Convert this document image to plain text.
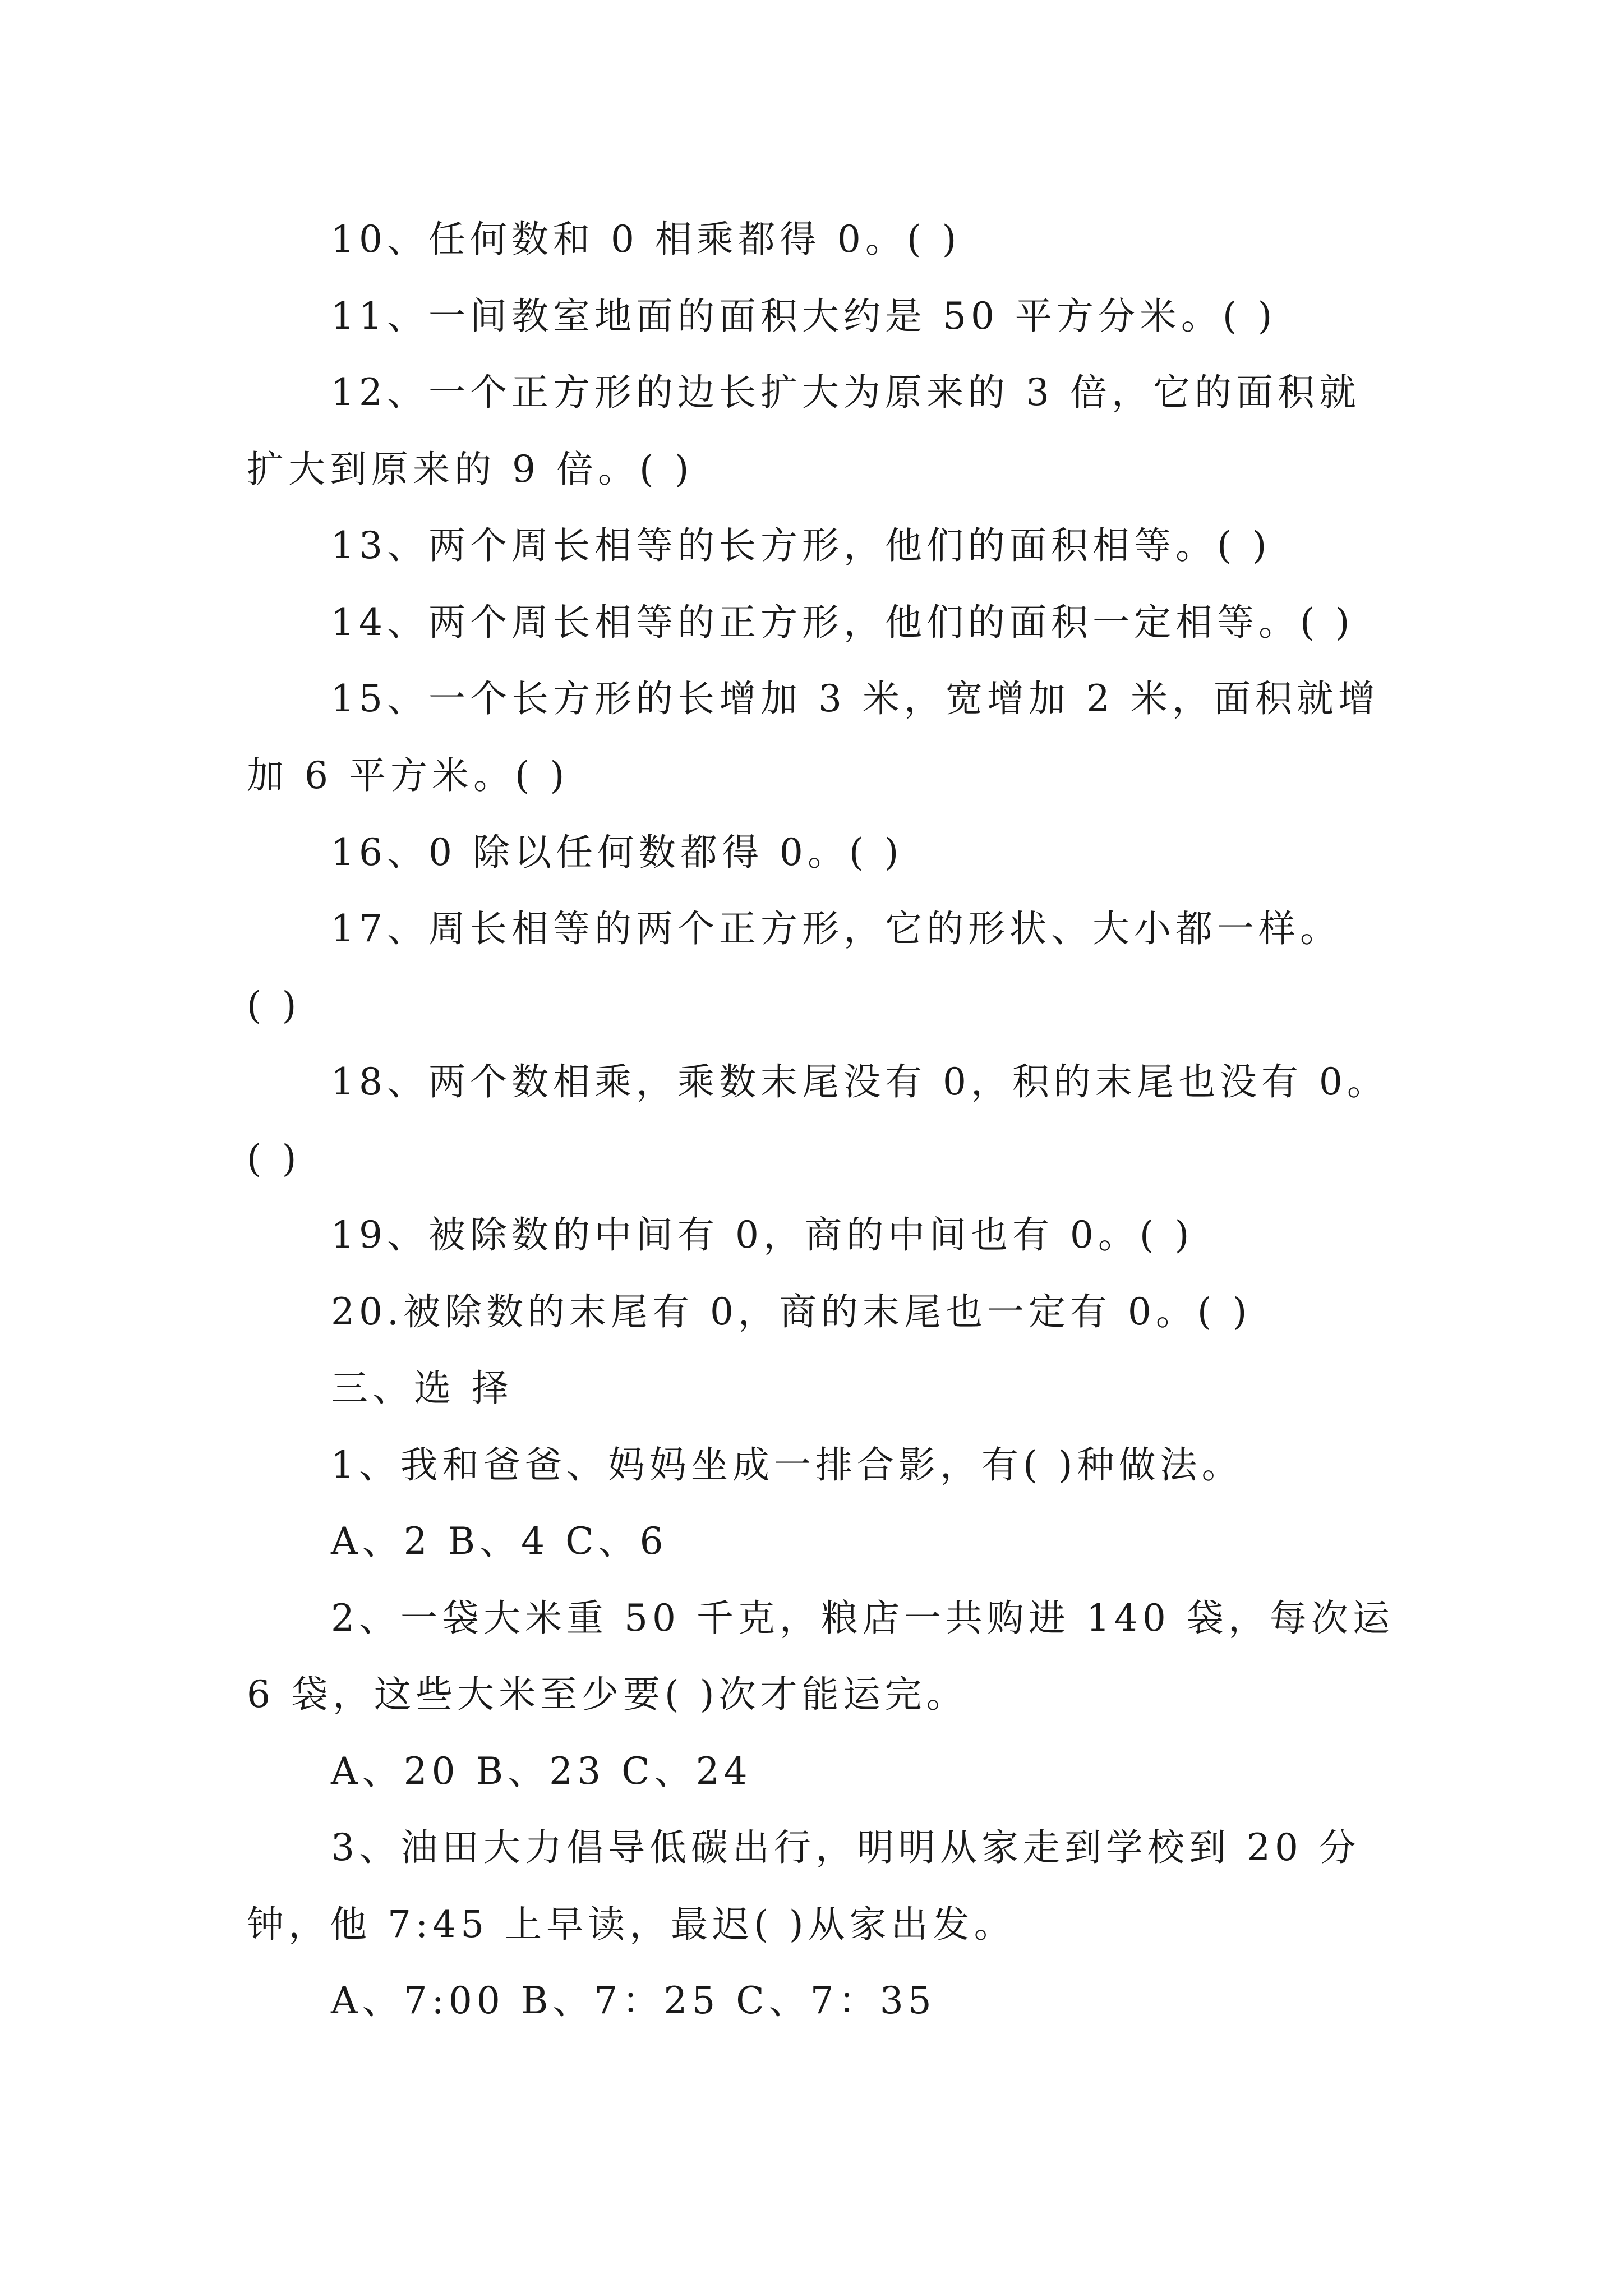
10、任何数和 0 相乘都得 0。( )
11、一间教室地面的面积大约是 50 平方分米。( )
12、一个正方形的边长扩大为原来的 3 倍，它的面积就
扩大到原来的 9 倍。( )
13、两个周长相等的长方形，他们的面积相等。( )
14、两个周长相等的正方形，他们的面积一定相等。( )
15、一个长方形的长增加 3 米，宽增加 2 米，面积就增
加 6 平方米。( )
16、0 除以任何数都得 0。( )
17、周长相等的两个正方形，它的形状、大小都一样。
( )
18、两个数相乘，乘数末尾没有 0，积的末尾也没有 0。
( )
19、被除数的中间有 0，商的中间也有 0。( )
20.被除数的末尾有 0，商的末尾也一定有 0。( )
三、选 择
1、我和爸爸、妈妈坐成一排合影，有( )种做法。
A、2 B、4 C、6
2、一袋大米重 50 千克，粮店一共购进 140 袋，每次运
6 袋，这些大米至少要( )次才能运完。
A、20 B、23 C、24
3、油田大力倡导低碳出行，明明从家走到学校到 20 分
钟，他 7:45 上早读，最迟( )从家出发。
A、7:00 B、7：25 C、7：35
